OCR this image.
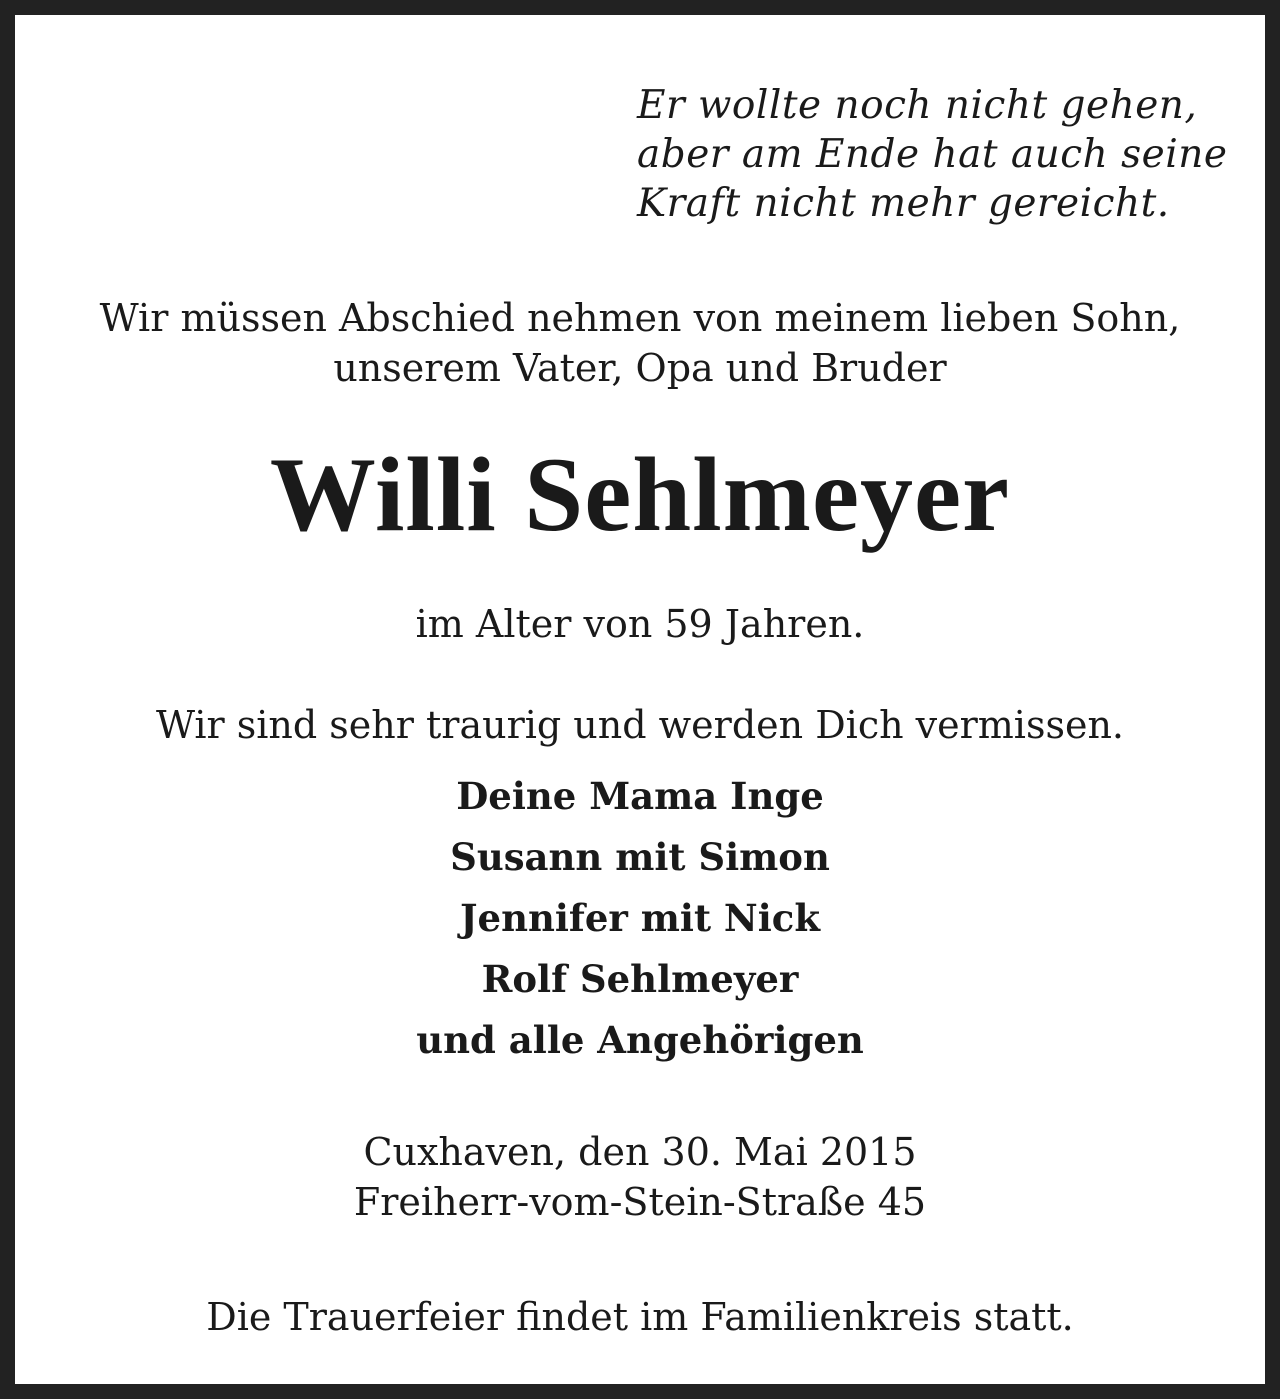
Er wollte noch nicht gehen,
aber am Ende hat auch seine
Kraft nicht mehr gereicht.

Wir müssen Abschied nehmen von meinem lieben Sohn,

unserem Vater, Opa und Bruder

Willi Sehlmeyer

im Alter von 59 Jahren.

Wir sind sehr traurig und werden Dich vermissen.

Deine Mama Inge

Susann mit Simon

Jennifer mit Nick

Rolf Sehlmeyer

und alle Angehörigen

Cuxhaven, den 30. Mai 2015

Freiherr-vom-Stein-Straße 45

Die Trauerfeier findet im Familienkreis statt.
